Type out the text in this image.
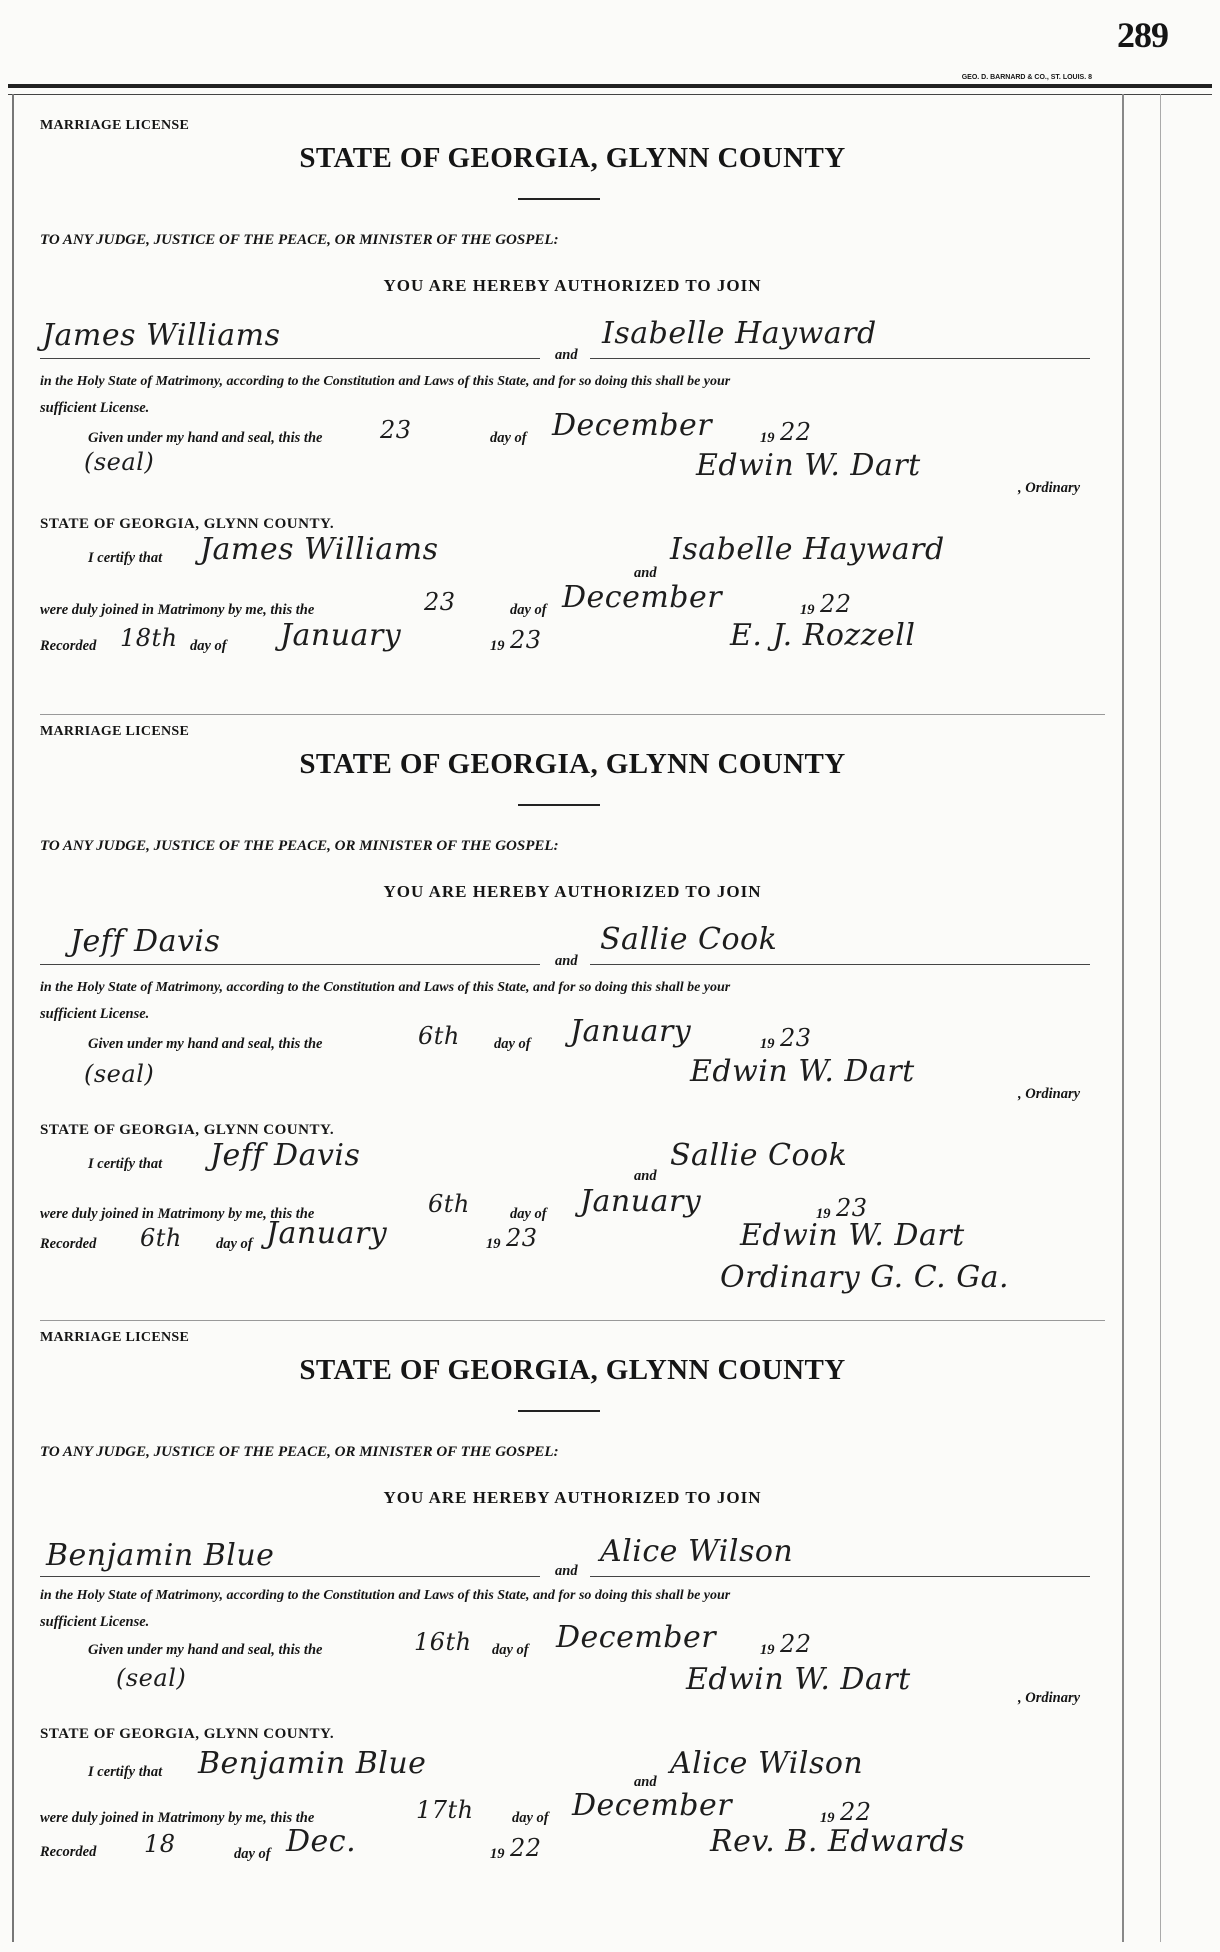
289
GEO. D. BARNARD & CO., ST. LOUIS. 8
MARRIAGE LICENSE
STATE OF GEORGIA, GLYNN COUNTY
TO ANY JUDGE, JUSTICE OF THE PEACE, OR MINISTER OF THE GOSPEL:
YOU ARE HEREBY AUTHORIZED TO JOIN
James Williams
and
Isabelle Hayward
in the Holy State of Matrimony, according to the Constitution and Laws of this State, and for so doing this shall be your
sufficient License.
Given under my hand and seal, this the 23	day of December	19 22
(seal)	Edwin W. Dart
, Ordinary
STATE OF GEORGIA, GLYNN COUNTY.
I certify that James Williams
and
Isabelle Hayward
were duly joined in Matrimony by me, this the	23	day of December	19 22
Recorded 18th day of January	19 23	E. J. Rozzell
MARRIAGE LICENSE
STATE OF GEORGIA, GLYNN COUNTY
TO ANY JUDGE, JUSTICE OF THE PEACE, OR MINISTER OF THE GOSPEL:
YOU ARE HEREBY AUTHORIZED TO JOIN
Jeff Davis
and
Sallie Cook
in the Holy State of Matrimony, according to the Constitution and Laws of this State, and for so doing this shall be your
sufficient License.
Given under my hand and seal, this the	6th day of January	19 23
(seal)	Edwin W. Dart
, Ordinary
STATE OF GEORGIA, GLYNN COUNTY.
I certify that Jeff Davis
and
Sallie Cook
were duly joined in Matrimony by me, this the	6th	day of January	19 23
Recorded 6th day of January	19 23	Edwin W. Dart
Ordinary G. C. Ga.
MARRIAGE LICENSE
STATE OF GEORGIA, GLYNN COUNTY
TO ANY JUDGE, JUSTICE OF THE PEACE, OR MINISTER OF THE GOSPEL:
YOU ARE HEREBY AUTHORIZED TO JOIN
Benjamin Blue	and
Alice Wilson
in the Holy State of Matrimony, according to the Constitution and Laws of this State, and for so doing this shall be your
sufficient License.
Given under my hand and seal, this the	16th day of December	19 22
(seal)	Edwin W. Dart
, Ordinary
STATE OF GEORGIA, GLYNN COUNTY.
I certify that Benjamin Blue
and
Alice Wilson
were duly joined in Matrimony by me, this the	17th	day of December	19 22
Recorded 18	day of Dec.	19 22	Rev. B. Edwards
